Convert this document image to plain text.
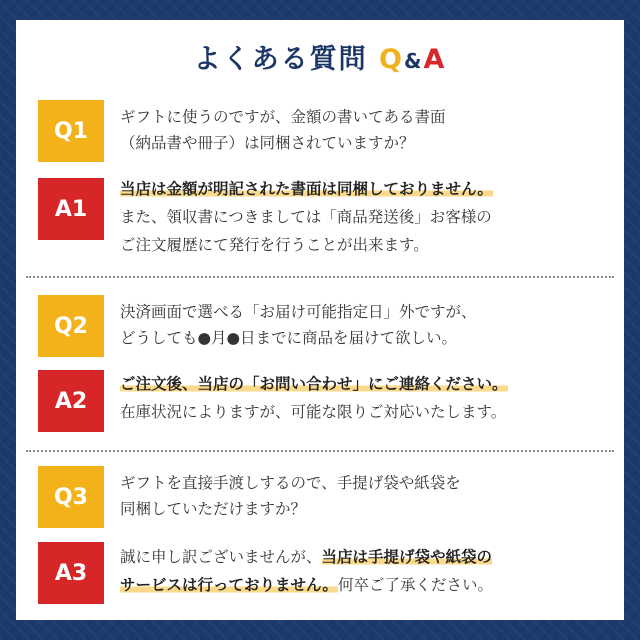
よくある質問 Q&A
Q1
ギフトに使うのですが、金額の書いてある書面
（納品書や冊子）は同梱されていますか？
A1
当店は金額が明記された書面は同梱しておりません。
また、領収書につきましては「商品発送後」お客様の
ご注文履歴にて発行を行うことが出来ます。
Q2
決済画面で選べる「お届け可能指定日」外ですが、
どうしても●月●日までに商品を届けて欲しい。
A2
ご注文後、当店の「お問い合わせ」にご連絡ください。
在庫状況によりますが、可能な限りご対応いたします。
Q3
ギフトを直接手渡しするので、手提げ袋や紙袋を
同梱していただけますか？
A3
誠に申し訳ございませんが、当店は手提げ袋や紙袋の
サービスは行っておりません。何卒ご了承ください。
